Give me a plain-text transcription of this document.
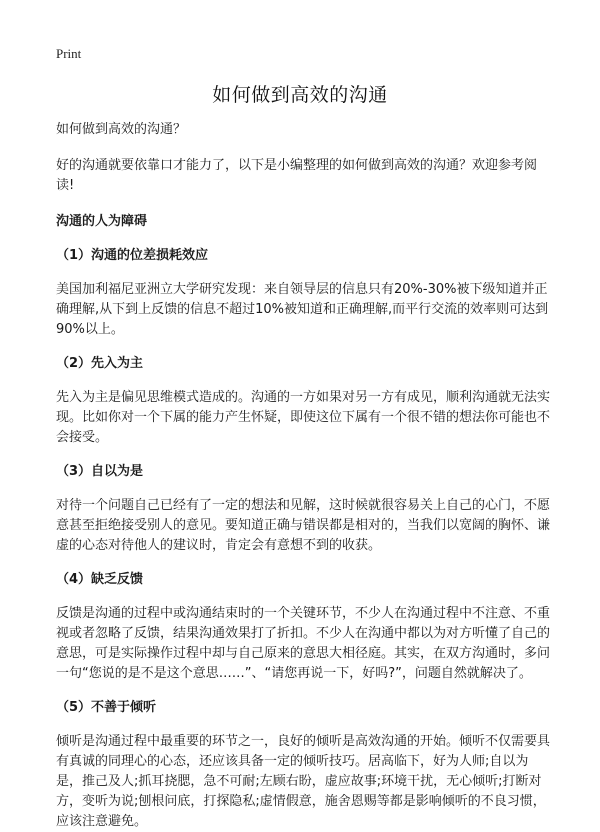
Print
如何做到高效的沟通

如何做到高效的沟通？

好的沟通就要依靠口才能力了，以下是小编整理的如何做到高效的沟通？欢迎参考阅读!

沟通的人为障碍

（1）沟通的位差损耗效应

美国加利福尼亚洲立大学研究发现：来自领导层的信息只有20%-30%被下级知道并正确理解,从下到上反馈的信息不超过10%被知道和正确理解,而平行交流的效率则可达到90%以上。

（2）先入为主

先入为主是偏见思维模式造成的。沟通的一方如果对另一方有成见，顺利沟通就无法实现。比如你对一个下属的能力产生怀疑，即使这位下属有一个很不错的想法你可能也不会接受。

（3）自以为是

对待一个问题自己已经有了一定的想法和见解，这时候就很容易关上自己的心门，不愿意甚至拒绝接受别人的意见。要知道正确与错误都是相对的，当我们以宽阔的胸怀、谦虚的心态对待他人的建议时，肯定会有意想不到的收获。

（4）缺乏反馈

反馈是沟通的过程中或沟通结束时的一个关键环节，不少人在沟通过程中不注意、不重视或者忽略了反馈，结果沟通效果打了折扣。不少人在沟通中都以为对方听懂了自己的意思，可是实际操作过程中却与自己原来的意思大相径庭。其实，在双方沟通时，多问一句“您说的是不是这个意思……”、“请您再说一下，好吗?”，问题自然就解决了。

（5）不善于倾听

倾听是沟通过程中最重要的环节之一，良好的倾听是高效沟通的开始。倾听不仅需要具有真诚的同理心的心态，还应该具备一定的倾听技巧。居高临下，好为人师;自以为是，推己及人;抓耳挠腮，急不可耐;左顾右盼，虚应故事;环境干扰，无心倾听;打断对方，变听为说;刨根问底，打探隐私;虚情假意，施舍恩赐等都是影响倾听的不良习惯，应该注意避免。
